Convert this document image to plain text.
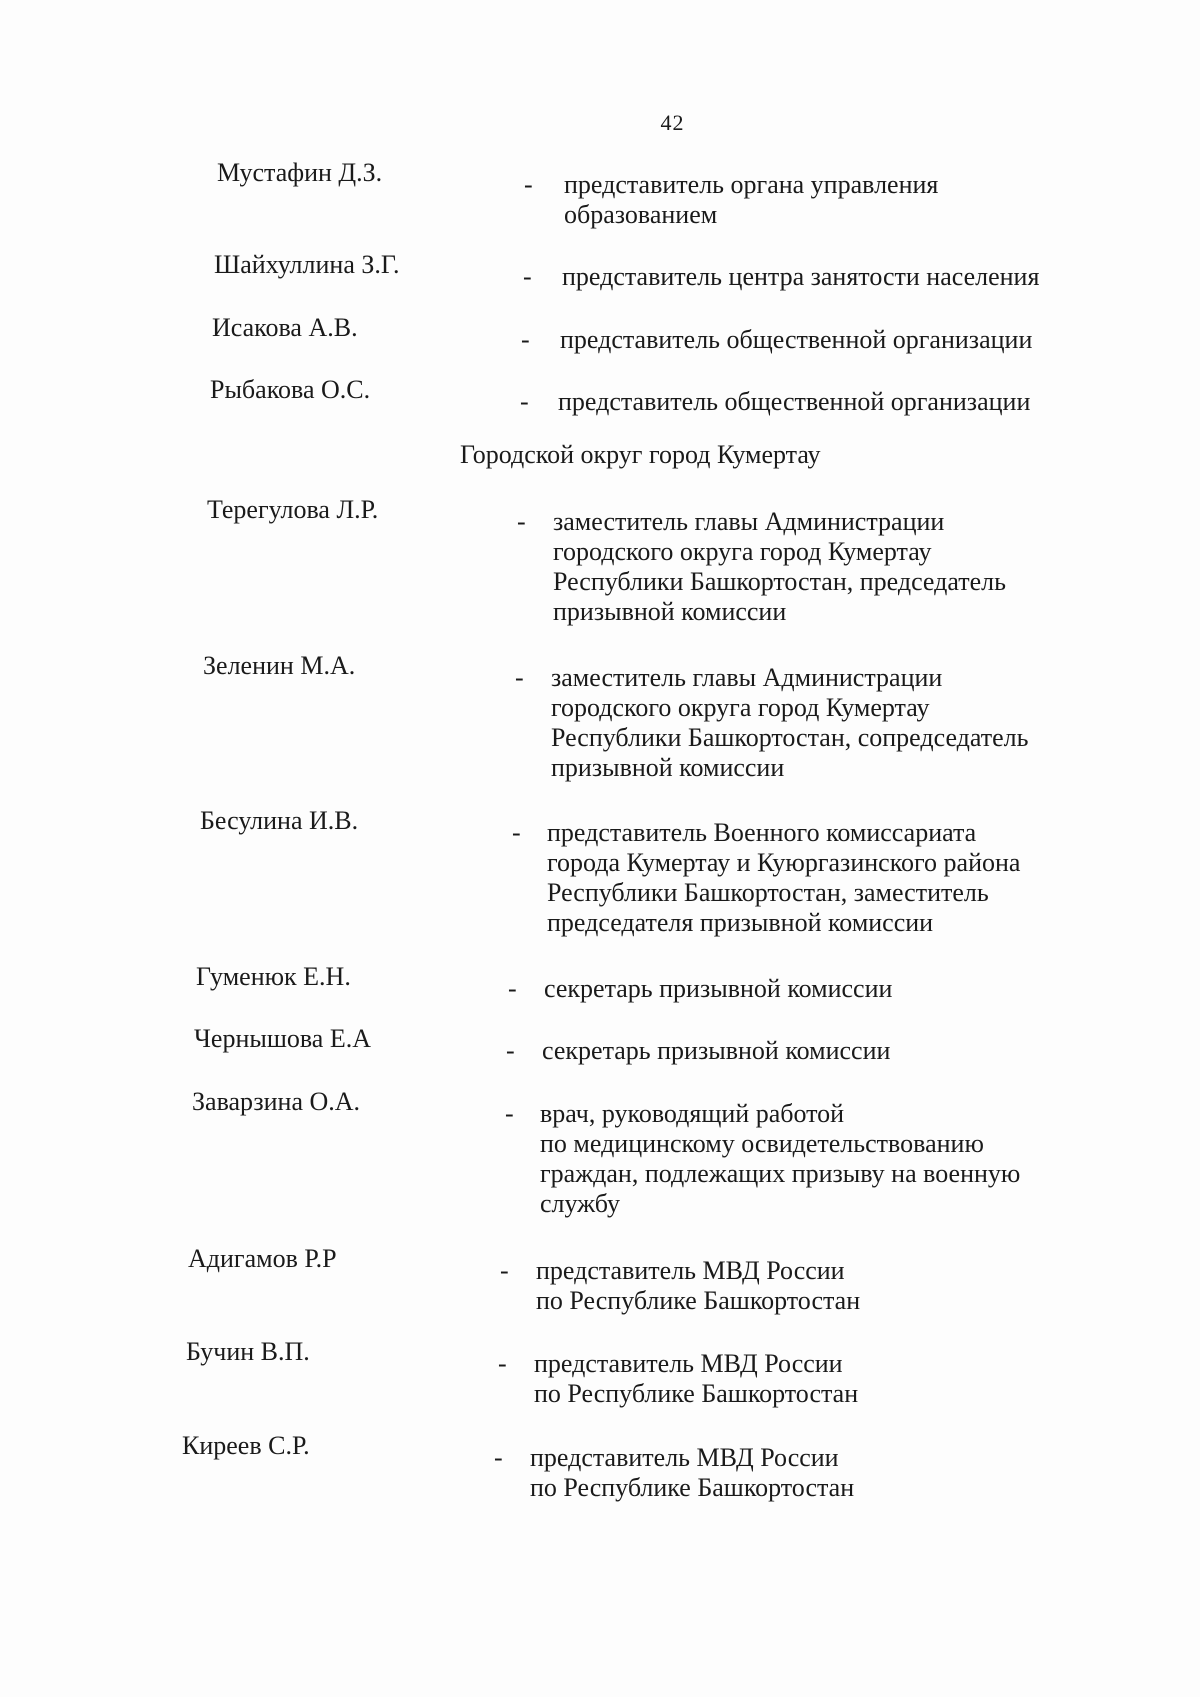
42
Мустафин Д.З.	- представитель органа управления
образованием
Шайхуллина З.Г.	- представитель центра занятости населения
Исакова А.В.	- представитель общественной организации
Рыбакова О.С.	- представитель общественной организации
Городской округ город Кумертау
Терегулова Л.Р.	- заместитель главы Администрации
городского округа город Кумертау
Республики Башкортостан, председатель
призывной комиссии
Зеленин М.А.	- заместитель главы Администрации
городского округа город Кумертау
Республики Башкортостан, сопредседатель
призывной комиссии
Бесулина И.В.	- представитель Военного комиссариата
города Кумертау и Куюргазинского района
Республики Башкортостан, заместитель
председателя призывной комиссии
Гуменюк Е.Н.	- секретарь призывной комиссии
Чернышова Е.А	- секретарь призывной комиссии
Заварзина О.А.	- врач, руководящий работой
по медицинскому освидетельствованию
граждан, подлежащих призыву на военную
службу
Адигамов Р.Р	- представитель МВД России
по Республике Башкортостан
Бучин В.П.	- представитель МВД России
по Республике Башкортостан
Киреев С.Р.	- представитель МВД России
по Республике Башкортостан
